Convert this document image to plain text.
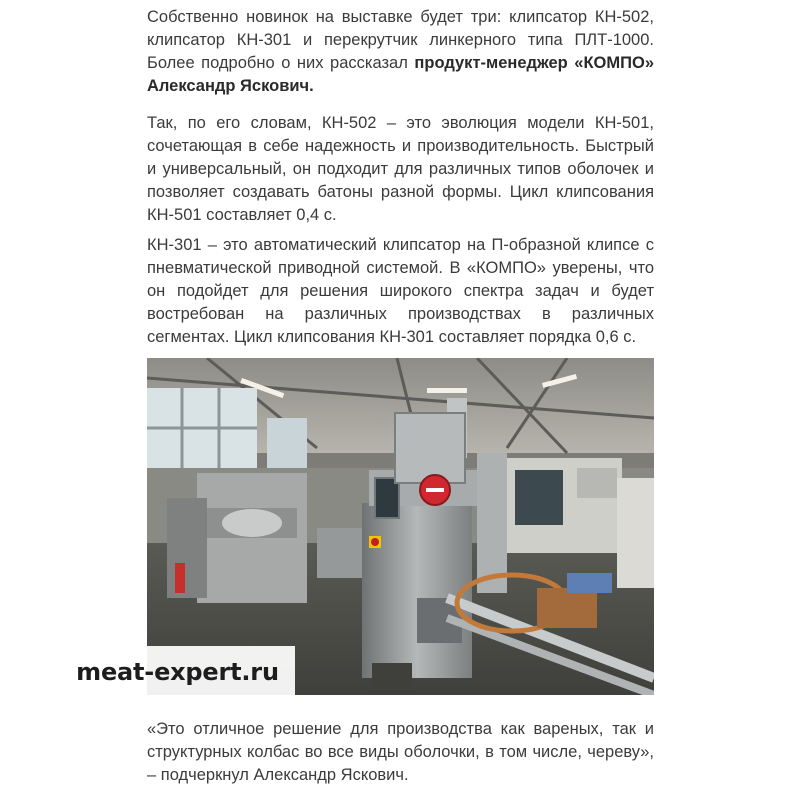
Собственно новинок на выставке будет три: клипсатор КН-502, клипсатор КН-301 и перекрутчик линкерного типа ПЛТ-1000. Более подробно о них рассказал продукт-менеджер «КОМПО» Александр Яскович.

Так, по его словам, КН-502 – это эволюция модели КН-501, сочетающая в себе надежность и производительность. Быстрый и универсальный, он подходит для различных типов оболочек и позволяет создавать батоны разной формы. Цикл клипсования КН-501 составляет 0,4 с.

КН-301 – это автоматический клипсатор на П-образной клипсе с пневматической приводной системой. В «КОМПО» уверены, что он подойдет для решения широкого спектра задач и будет востребован на различных производствах в различных сегментах. Цикл клипсования КН-301 составляет порядка 0,6 с.

«Это отличное решение для производства как вареных, так и структурных колбас во все виды оболочки, в том числе, череву», – подчеркнул Александр Яскович.

meat-expert.ru
